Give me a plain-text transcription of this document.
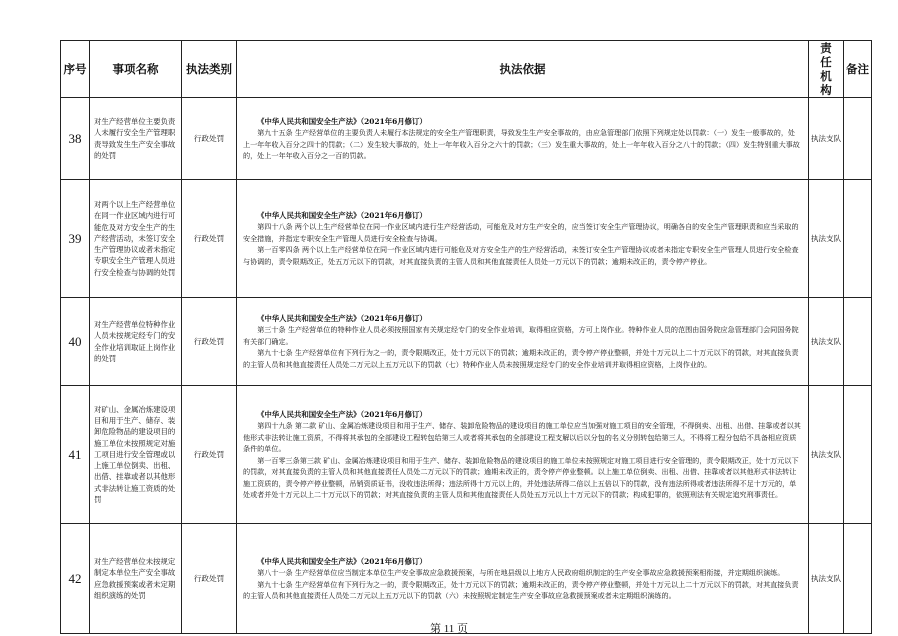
序号	事项名称	执法类别	执法依据	责任机构	备注
38	对生产经营单位主要负责人未履行安全生产管理职责导致发生生产安全事故的处罚	行政处罚	《中华人民共和国安全生产法》（2021年6月修订）
第九十五条 生产经营单位的主要负责人未履行本法规定的安全生产管理职责，导致发生生产安全事故的，由应急管理部门依照下列规定处以罚款：（一）发生一般事故的，处上一年年收入百分之四十的罚款；（二）发生较大事故的，处上一年年收入百分之六十的罚款；（三）发生重大事故的，处上一年年收入百分之八十的罚款；（四）发生特别重大事故的，处上一年年收入百分之一百的罚款。	执法支队	
39	对两个以上生产经营单位在同一作业区域内进行可能危及对方安全生产的生产经营活动，未签订安全生产管理协议或者未指定专职安全生产管理人员进行安全检查与协调的处罚	行政处罚	《中华人民共和国安全生产法》（2021年6月修订）
第四十八条 两个以上生产经营单位在同一作业区域内进行生产经营活动，可能危及对方生产安全的，应当签订安全生产管理协议，明确各自的安全生产管理职责和应当采取的安全措施，并指定专职安全生产管理人员进行安全检查与协调。
第一百零四条 两个以上生产经营单位在同一作业区域内进行可能危及对方安全生产的生产经营活动，未签订安全生产管理协议或者未指定专职安全生产管理人员进行安全检查与协调的，责令限期改正，处五万元以下的罚款，对其直接负责的主管人员和其他直接责任人员处一万元以下的罚款；逾期未改正的，责令停产停业。	执法支队	
40	对生产经营单位特种作业人员未按规定经专门的安全作业培训取证上岗作业的处罚	行政处罚	《中华人民共和国安全生产法》（2021年6月修订）
第三十条 生产经营单位的特种作业人员必须按照国家有关规定经专门的安全作业培训，取得相应资格，方可上岗作业。特种作业人员的范围由国务院应急管理部门会同国务院有关部门确定。
第九十七条 生产经营单位有下列行为之一的，责令限期改正，处十万元以下的罚款；逾期未改正的，责令停产停业整顿，并处十万元以上二十万元以下的罚款，对其直接负责的主管人员和其他直接责任人员处二万元以上五万元以下的罚款（七）特种作业人员未按照规定经专门的安全作业培训并取得相应资格，上岗作业的。	执法支队	
41	对矿山、金属冶炼建设项目和用于生产、储存、装卸危险物品的建设项目的施工单位未按照规定对施工项目进行安全管理或以上施工单位倒卖、出租、出借、挂靠或者以其他形式非法转让施工资质的处罚	行政处罚	《中华人民共和国安全生产法》（2021年6月修订）
第四十九条 第二款 矿山、金属冶炼建设项目和用于生产、储存、装卸危险物品的建设项目的施工单位应当加强对施工项目的安全管理，不得倒卖、出租、出借、挂靠或者以其他形式非法转让施工资质，不得将其承包的全部建设工程转包给第三人或者将其承包的全部建设工程支解以后以分包的名义分别转包给第三人，不得将工程分包给不具备相应资质条件的单位。
第一百零三条第三款 矿山、金属冶炼建设项目和用于生产、储存、装卸危险物品的建设项目的施工单位未按照规定对施工项目进行安全管理的，责令限期改正，处十万元以下的罚款，对其直接负责的主管人员和其他直接责任人员处二万元以下的罚款；逾期未改正的，责令停产停业整顿。以上施工单位倒卖、出租、出借、挂靠或者以其他形式非法转让施工资质的，责令停产停业整顿，吊销资质证书，没收违法所得；违法所得十万元以上的，并处违法所得二倍以上五倍以下的罚款，没有违法所得或者违法所得不足十万元的，单处或者并处十万元以上二十万元以下的罚款；对其直接负责的主管人员和其他直接责任人员处五万元以上十万元以下的罚款；构成犯罪的，依照刑法有关规定追究刑事责任。	执法支队	
42	对生产经营单位未按规定制定本单位生产安全事故应急救援预案或者未定期组织演练的处罚	行政处罚	《中华人民共和国安全生产法》（2021年6月修订）
第八十一条 生产经营单位应当制定本单位生产安全事故应急救援预案，与所在地县级以上地方人民政府组织制定的生产安全事故应急救援预案相衔接，并定期组织演练。
第九十七条 生产经营单位有下列行为之一的，责令限期改正，处十万元以下的罚款；逾期未改正的，责令停产停业整顿，并处十万元以上二十万元以下的罚款，对其直接负责的主管人员和其他直接责任人员处二万元以上五万元以下的罚款（六）未按照规定制定生产安全事故应急救援预案或者未定期组织演练的。	执法支队	
第 11 页
